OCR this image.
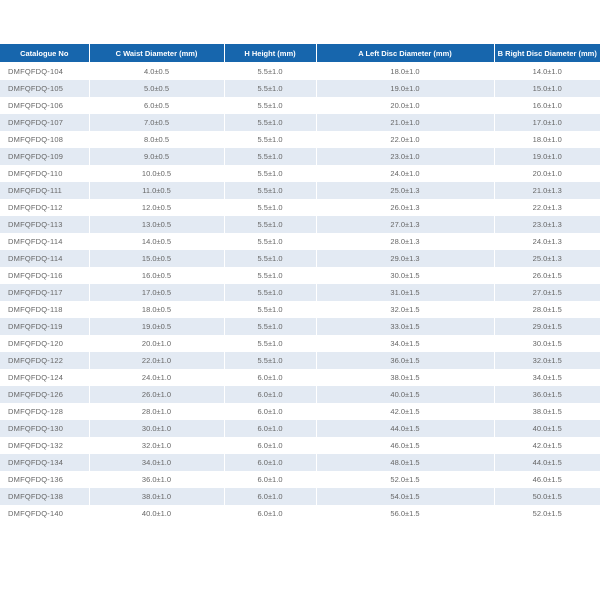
Catalogue No	C Waist Diameter (mm)	H Height (mm)	A Left Disc Diameter (mm)	B Right Disc Diameter (mm)
DMFQFDQ-104	4.0±0.5	5.5±1.0	18.0±1.0	14.0±1.0
DMFQFDQ-105	5.0±0.5	5.5±1.0	19.0±1.0	15.0±1.0
DMFQFDQ-106	6.0±0.5	5.5±1.0	20.0±1.0	16.0±1.0
DMFQFDQ-107	7.0±0.5	5.5±1.0	21.0±1.0	17.0±1.0
DMFQFDQ-108	8.0±0.5	5.5±1.0	22.0±1.0	18.0±1.0
DMFQFDQ-109	9.0±0.5	5.5±1.0	23.0±1.0	19.0±1.0
DMFQFDQ-110	10.0±0.5	5.5±1.0	24.0±1.0	20.0±1.0
DMFQFDQ-111	11.0±0.5	5.5±1.0	25.0±1.3	21.0±1.3
DMFQFDQ-112	12.0±0.5	5.5±1.0	26.0±1.3	22.0±1.3
DMFQFDQ-113	13.0±0.5	5.5±1.0	27.0±1.3	23.0±1.3
DMFQFDQ-114	14.0±0.5	5.5±1.0	28.0±1.3	24.0±1.3
DMFQFDQ-114	15.0±0.5	5.5±1.0	29.0±1.3	25.0±1.3
DMFQFDQ-116	16.0±0.5	5.5±1.0	30.0±1.5	26.0±1.5
DMFQFDQ-117	17.0±0.5	5.5±1.0	31.0±1.5	27.0±1.5
DMFQFDQ-118	18.0±0.5	5.5±1.0	32.0±1.5	28.0±1.5
DMFQFDQ-119	19.0±0.5	5.5±1.0	33.0±1.5	29.0±1.5
DMFQFDQ-120	20.0±1.0	5.5±1.0	34.0±1.5	30.0±1.5
DMFQFDQ-122	22.0±1.0	5.5±1.0	36.0±1.5	32.0±1.5
DMFQFDQ-124	24.0±1.0	6.0±1.0	38.0±1.5	34.0±1.5
DMFQFDQ-126	26.0±1.0	6.0±1.0	40.0±1.5	36.0±1.5
DMFQFDQ-128	28.0±1.0	6.0±1.0	42.0±1.5	38.0±1.5
DMFQFDQ-130	30.0±1.0	6.0±1.0	44.0±1.5	40.0±1.5
DMFQFDQ-132	32.0±1.0	6.0±1.0	46.0±1.5	42.0±1.5
DMFQFDQ-134	34.0±1.0	6.0±1.0	48.0±1.5	44.0±1.5
DMFQFDQ-136	36.0±1.0	6.0±1.0	52.0±1.5	46.0±1.5
DMFQFDQ-138	38.0±1.0	6.0±1.0	54.0±1.5	50.0±1.5
DMFQFDQ-140	40.0±1.0	6.0±1.0	56.0±1.5	52.0±1.5
